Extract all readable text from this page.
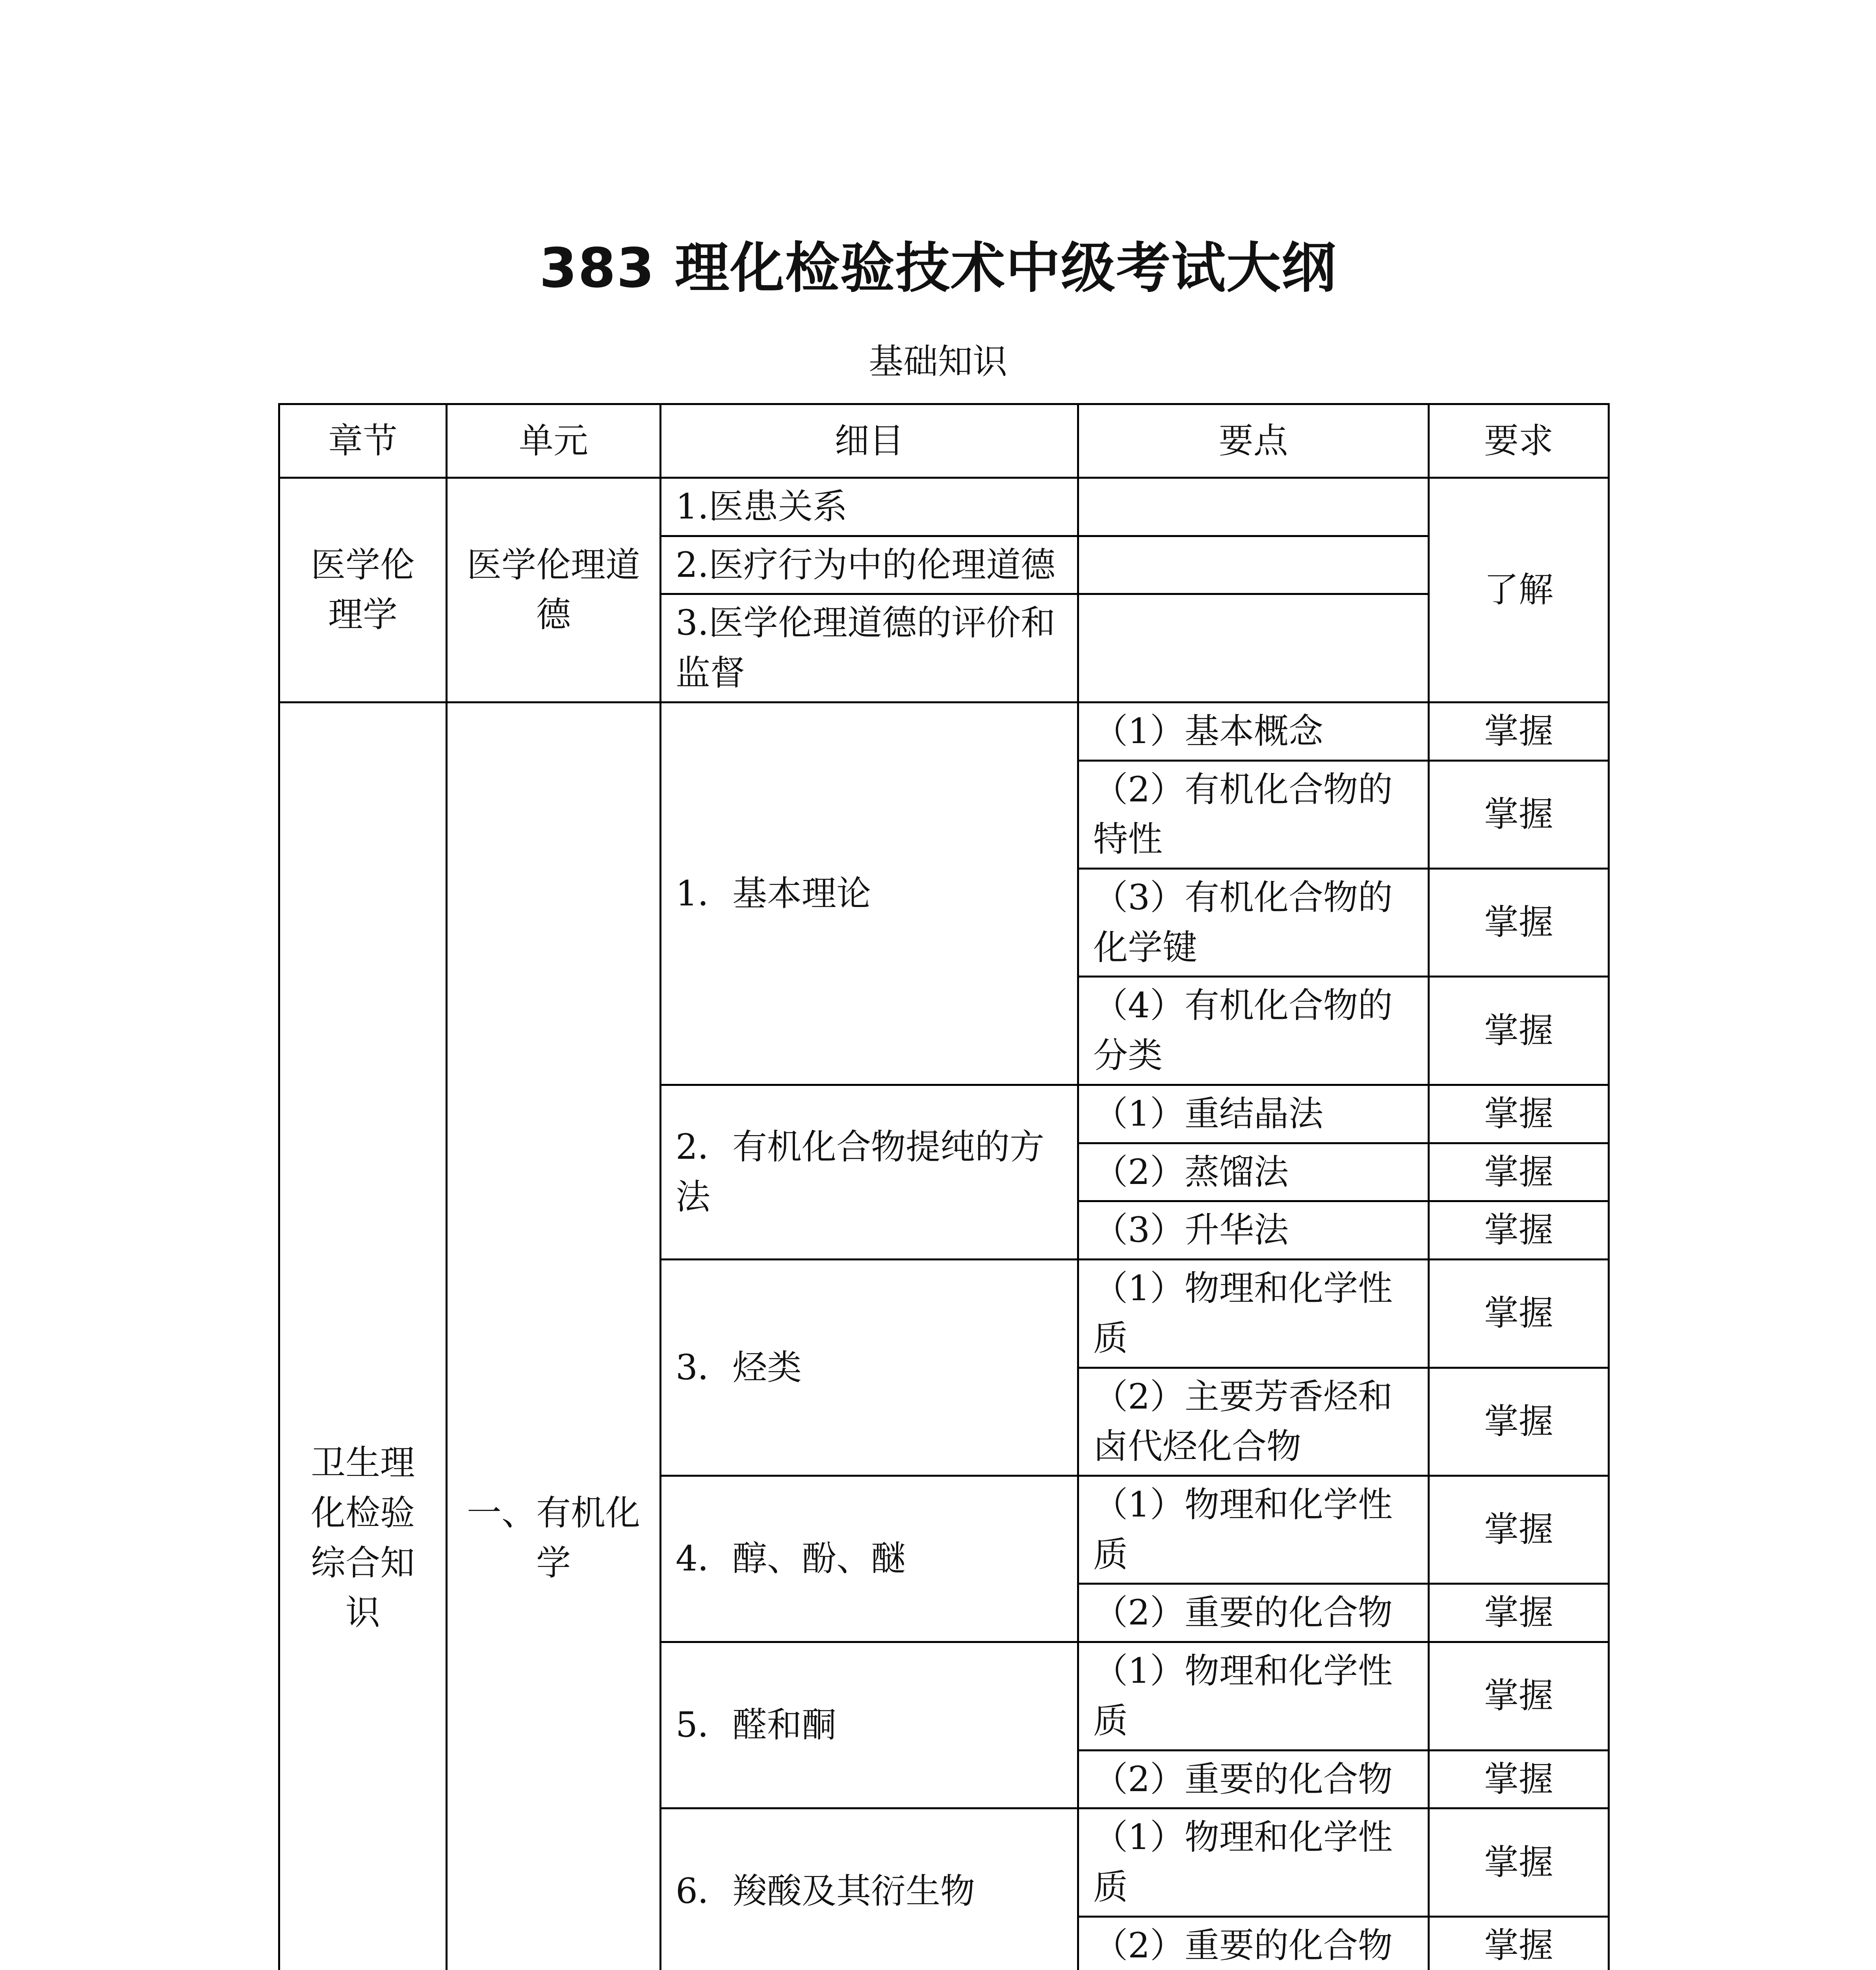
383 理化检验技术中级考试大纲
基础知识
章节	单元	细目	要点	要求
医学伦理学	医学伦理道德	1.医患关系		了解
		2.医疗行为中的伦理道德		
		3.医学伦理道德的评价和监督		
卫生理化检验综合知识	一、有机化学	1．基本理论	（1）基本概念	掌握
			（2）有机化合物的特性	掌握
			（3）有机化合物的化学键	掌握
			（4）有机化合物的分类	掌握
		2．有机化合物提纯的方法	（1）重结晶法	掌握
			（2）蒸馏法	掌握
			（3）升华法	掌握
		3．烃类	（1）物理和化学性质	掌握
			（2）主要芳香烃和卤代烃化合物	掌握
		4．醇、酚、醚	（1）物理和化学性质	掌握
			（2）重要的化合物	掌握
		5．醛和酮	（1）物理和化学性质	掌握
			（2）重要的化合物	掌握
		6．羧酸及其衍生物	（1）物理和化学性质	掌握
			（2）重要的化合物	掌握
